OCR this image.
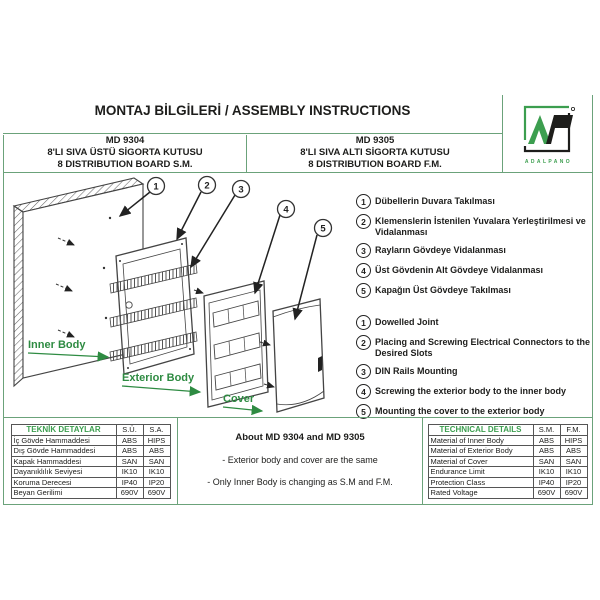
MONTAJ BİLGİLERİ / ASSEMBLY INSTRUCTIONS
MD 9304
8'LI SIVA ÜSTÜ SİGORTA KUTUSU
8 DISTRIBUTION BOARD S.M.
MD 9305
8'LI SIVA ALTI SİGORTA KUTUSU
8 DISTRIBUTION BOARD F.M.	ADALPANO
1	2	3
4
5
Inner Body
Exterior Body
Cover
1	Dübellerin Duvara Takılması
2	Klemenslerin İstenilen Yuvalara Yerleştirilmesi ve Vidalanması
3	Rayların Gövdeye Vidalanması
4	Üst Gövdenin Alt Gövdeye Vidalanması
5	Kapağın Üst Gövdeye Takılması
1	Dowelled Joint
2	Placing and Screwing Electrical Connectors to the Desired Slots
3	DIN Rails Mounting
4	Screwing the exterior body to the inner body
5	Mounting the cover to the exterior body
TEKNİK DETAYLAR	S.Ü.	S.A.
İç Gövde Hammaddesi	ABS	HIPS
Dış Gövde Hammaddesi	ABS	ABS
Kapak Hammaddesi	SAN	SAN
Dayanıklılık Seviyesi	IK10	IK10
Koruma Derecesi	IP40	IP20
Beyan Gerilimi	690V	690V
About MD 9304 and MD 9305
- Exterior body and cover are the same
- Only Inner Body is changing as S.M and F.M.
TECHNICAL DETAILS	S.M.	F.M.
Material of Inner Body	ABS	HIPS
Material of Exterior Body	ABS	ABS
Material of Cover	SAN	SAN
Endurance Limit	IK10	IK10
Protection Class	IP40	IP20
Rated Voltage	690V	690V
